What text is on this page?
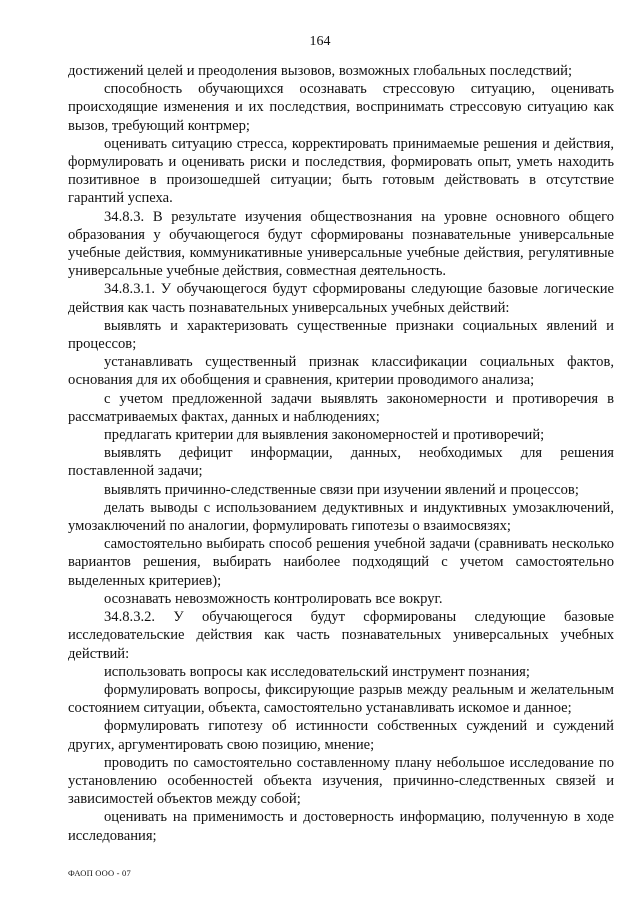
164

достижений целей и преодоления вызовов, возможных глобальных последствий;

способность обучающихся осознавать стрессовую ситуацию, оценивать происходящие изменения и их последствия, воспринимать стрессовую ситуацию как вызов, требующий контрмер;

оценивать ситуацию стресса, корректировать принимаемые решения и действия, формулировать и оценивать риски и последствия, формировать опыт, уметь находить позитивное в произошедшей ситуации; быть готовым действовать в отсутствие гарантий успеха.

34.8.3. В результате изучения обществознания на уровне основного общего образования у обучающегося будут сформированы познавательные универсальные учебные действия, коммуникативные универсальные учебные действия, регулятивные универсальные учебные действия, совместная деятельность.

34.8.3.1. У обучающегося будут сформированы следующие базовые логические действия как часть познавательных универсальных учебных действий:

выявлять и характеризовать существенные признаки социальных явлений и процессов;

устанавливать существенный признак классификации социальных фактов, основания для их обобщения и сравнения, критерии проводимого анализа;

с учетом предложенной задачи выявлять закономерности и противоречия в рассматриваемых фактах, данных и наблюдениях;

предлагать критерии для выявления закономерностей и противоречий;

выявлять дефицит информации, данных, необходимых для решения поставленной задачи;

выявлять причинно-следственные связи при изучении явлений и процессов;

делать выводы с использованием дедуктивных и индуктивных умозаключений, умозаключений по аналогии, формулировать гипотезы о взаимосвязях;

самостоятельно выбирать способ решения учебной задачи (сравнивать несколько вариантов решения, выбирать наиболее подходящий с учетом самостоятельно выделенных критериев);

осознавать невозможность контролировать все вокруг.

34.8.3.2. У обучающегося будут сформированы следующие базовые исследовательские действия как часть познавательных универсальных учебных действий:

использовать вопросы как исследовательский инструмент познания;

формулировать вопросы, фиксирующие разрыв между реальным и желательным состоянием ситуации, объекта, самостоятельно устанавливать искомое и данное;

формулировать гипотезу об истинности собственных суждений и суждений других, аргументировать свою позицию, мнение;

проводить по самостоятельно составленному плану небольшое исследование по установлению особенностей объекта изучения, причинно-следственных связей и зависимостей объектов между собой;

оценивать на применимость и достоверность информацию, полученную в ходе исследования;

ФАОП ООО - 07
